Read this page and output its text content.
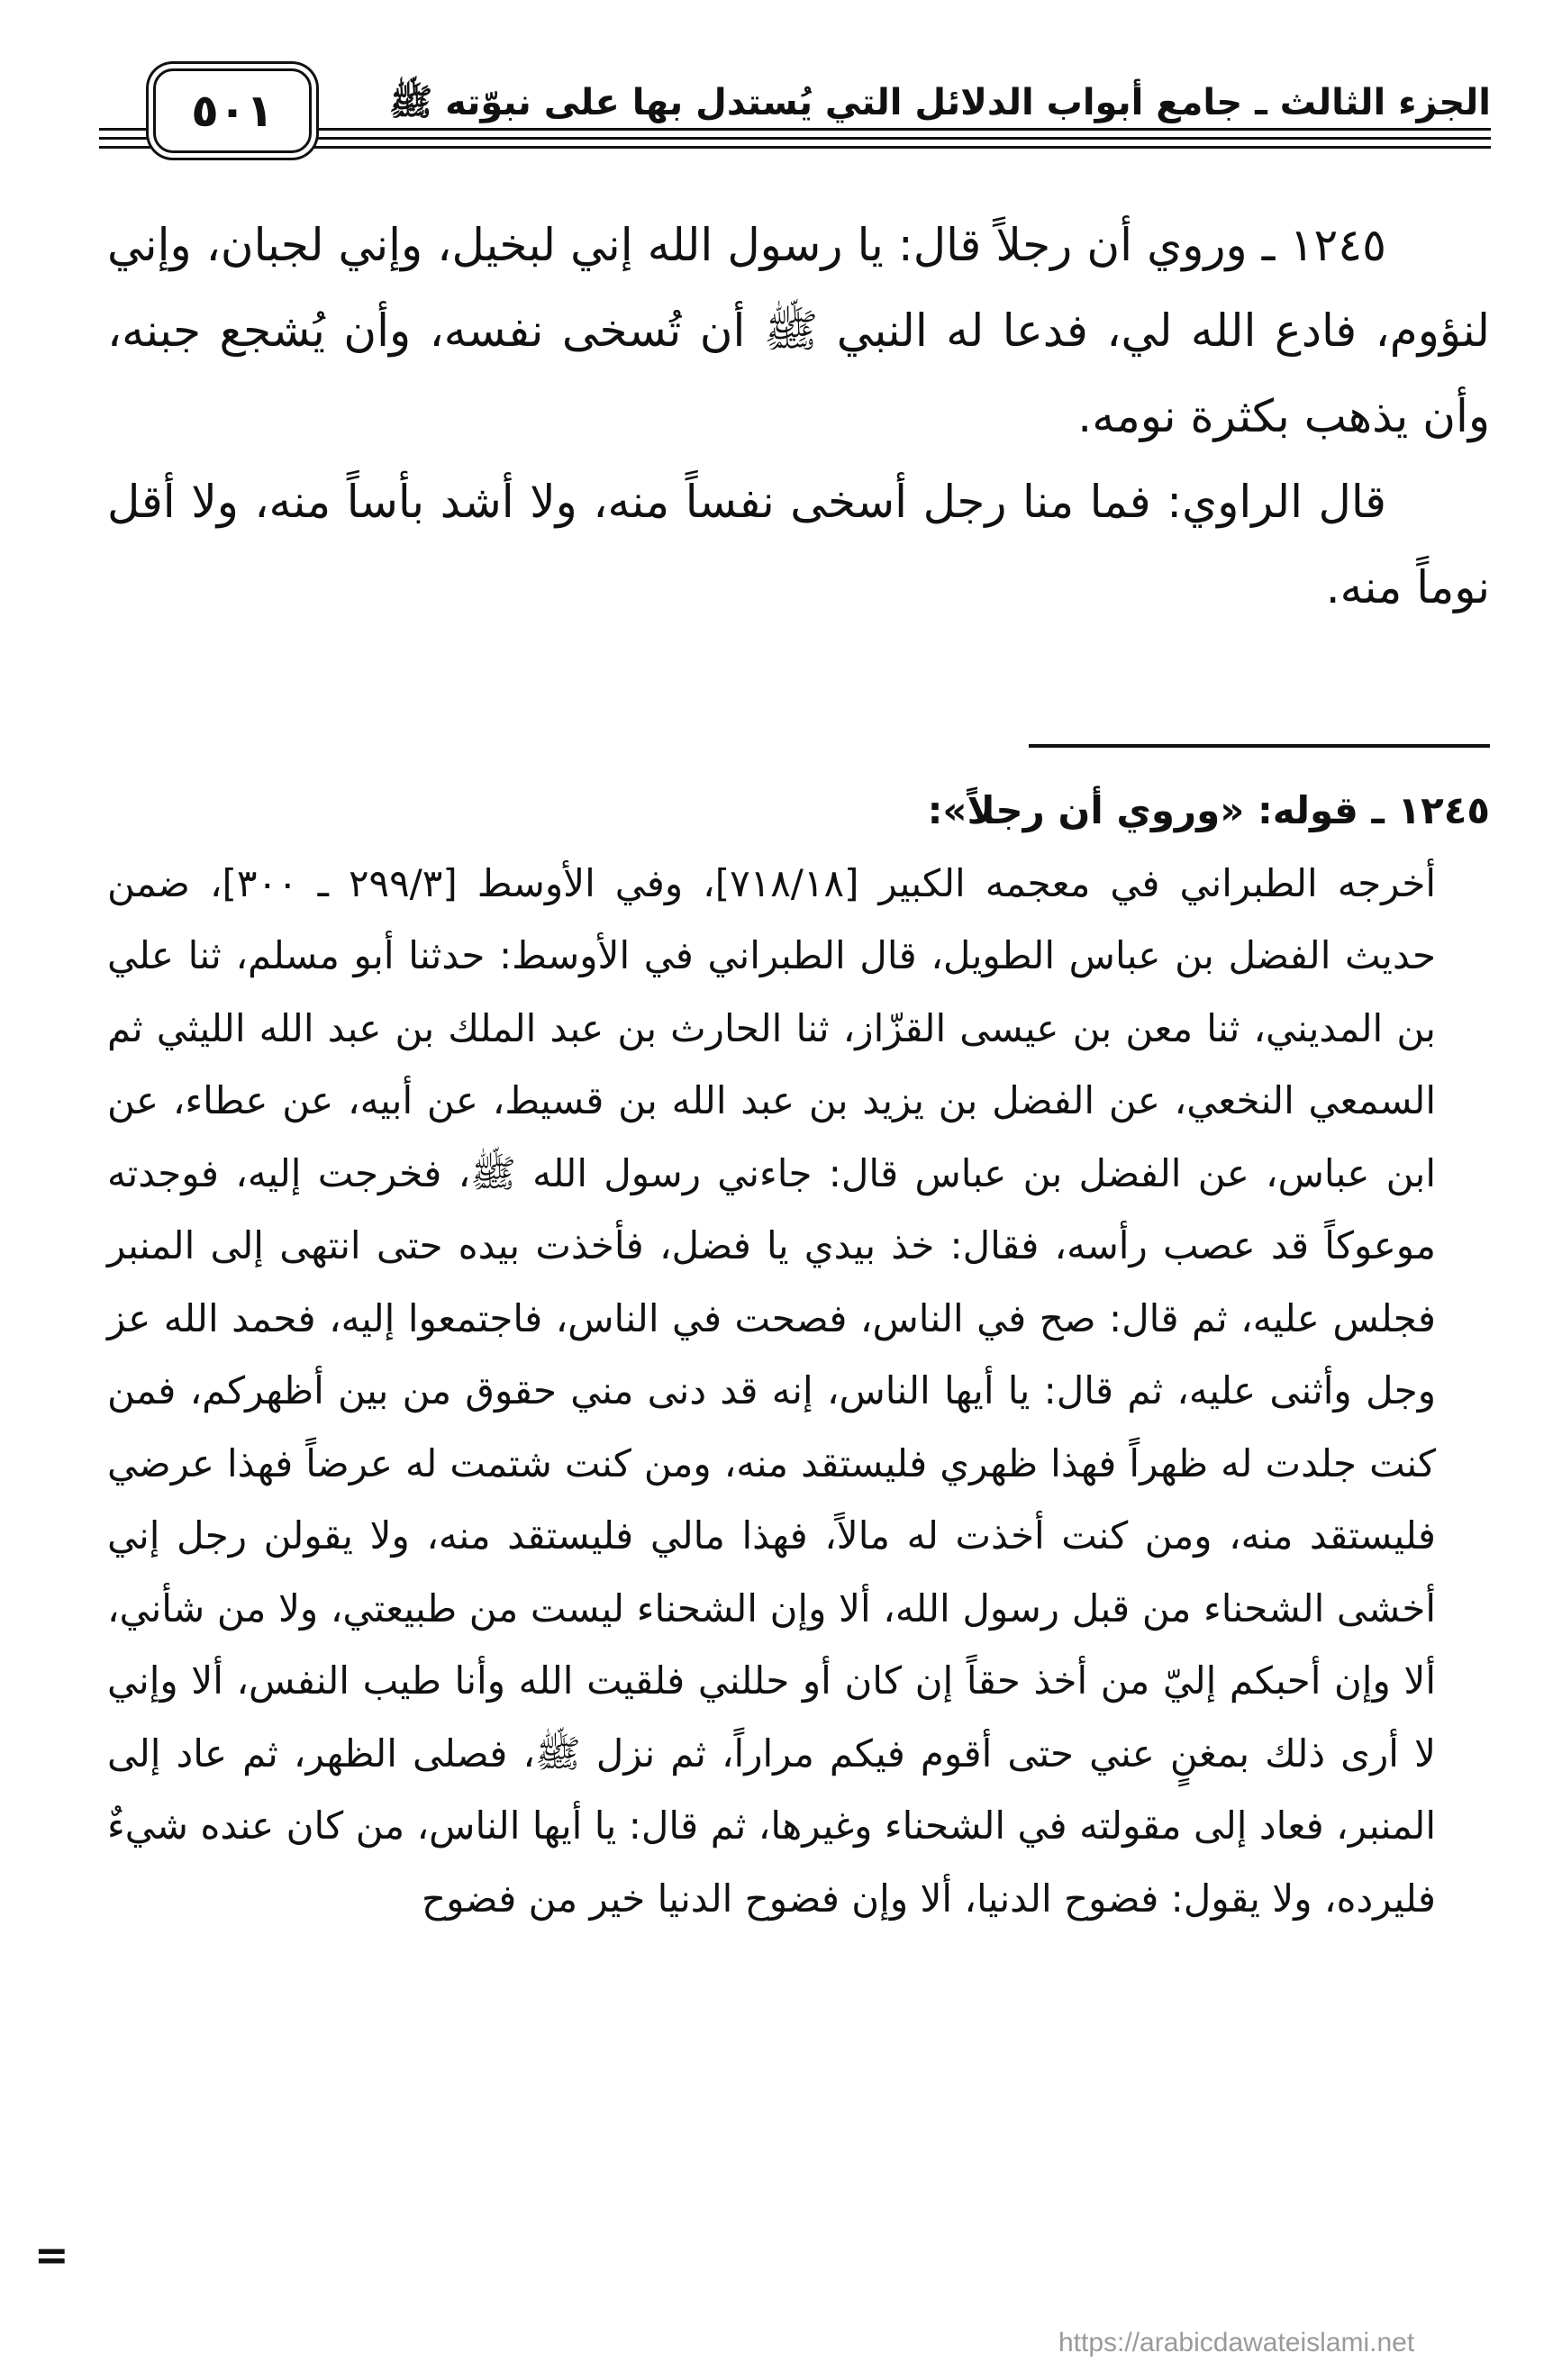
الجزء الثالث ـ جامع أبواب الدلائل التي يُستدل بها على نبوّته ﷺ
٥٠١

١٢٤٥ ـ وروي أن رجلاً قال: يا رسول الله إني لبخيل، وإني لجبان، وإني لنؤوم، فادع الله لي، فدعا له النبي ﷺ أن تُسخى نفسه، وأن يُشجع جبنه، وأن يذهب بكثرة نومه.

قال الراوي: فما منا رجل أسخى نفساً منه، ولا أشد بأساً منه، ولا أقل نوماً منه.

١٢٤٥ ـ قوله: «وروي أن رجلاً»:

أخرجه الطبراني في معجمه الكبير [٧١٨/١٨]، وفي الأوسط [٢٩٩/٣ ـ ٣٠٠]، ضمن حديث الفضل بن عباس الطويل، قال الطبراني في الأوسط: حدثنا أبو مسلم، ثنا علي بن المديني، ثنا معن بن عيسى القزّاز، ثنا الحارث بن عبد الملك بن عبد الله الليثي ثم السمعي النخعي، عن الفضل بن يزيد بن عبد الله بن قسيط، عن أبيه، عن عطاء، عن ابن عباس، عن الفضل بن عباس قال: جاءني رسول الله ﷺ، فخرجت إليه، فوجدته موعوكاً قد عصب رأسه، فقال: خذ بيدي يا فضل، فأخذت بيده حتى انتهى إلى المنبر فجلس عليه، ثم قال: صح في الناس، فصحت في الناس، فاجتمعوا إليه، فحمد الله عز وجل وأثنى عليه، ثم قال: يا أيها الناس، إنه قد دنى مني حقوق من بين أظهركم، فمن كنت جلدت له ظهراً فهذا ظهري فليستقد منه، ومن كنت شتمت له عرضاً فهذا عرضي فليستقد منه، ومن كنت أخذت له مالاً، فهذا مالي فليستقد منه، ولا يقولن رجل إني أخشى الشحناء من قبل رسول الله، ألا وإن الشحناء ليست من طبيعتي، ولا من شأني، ألا وإن أحبكم إليّ من أخذ حقاً إن كان أو حللني فلقيت الله وأنا طيب النفس، ألا وإني لا أرى ذلك بمغنٍ عني حتى أقوم فيكم مراراً، ثم نزل ﷺ، فصلى الظهر، ثم عاد إلى المنبر، فعاد إلى مقولته في الشحناء وغيرها، ثم قال: يا أيها الناس، من كان عنده شيءٌ فليرده، ولا يقول: فضوح الدنيا، ألا وإن فضوح الدنيا خير من فضوح

=
https://arabicdawateislami.net
